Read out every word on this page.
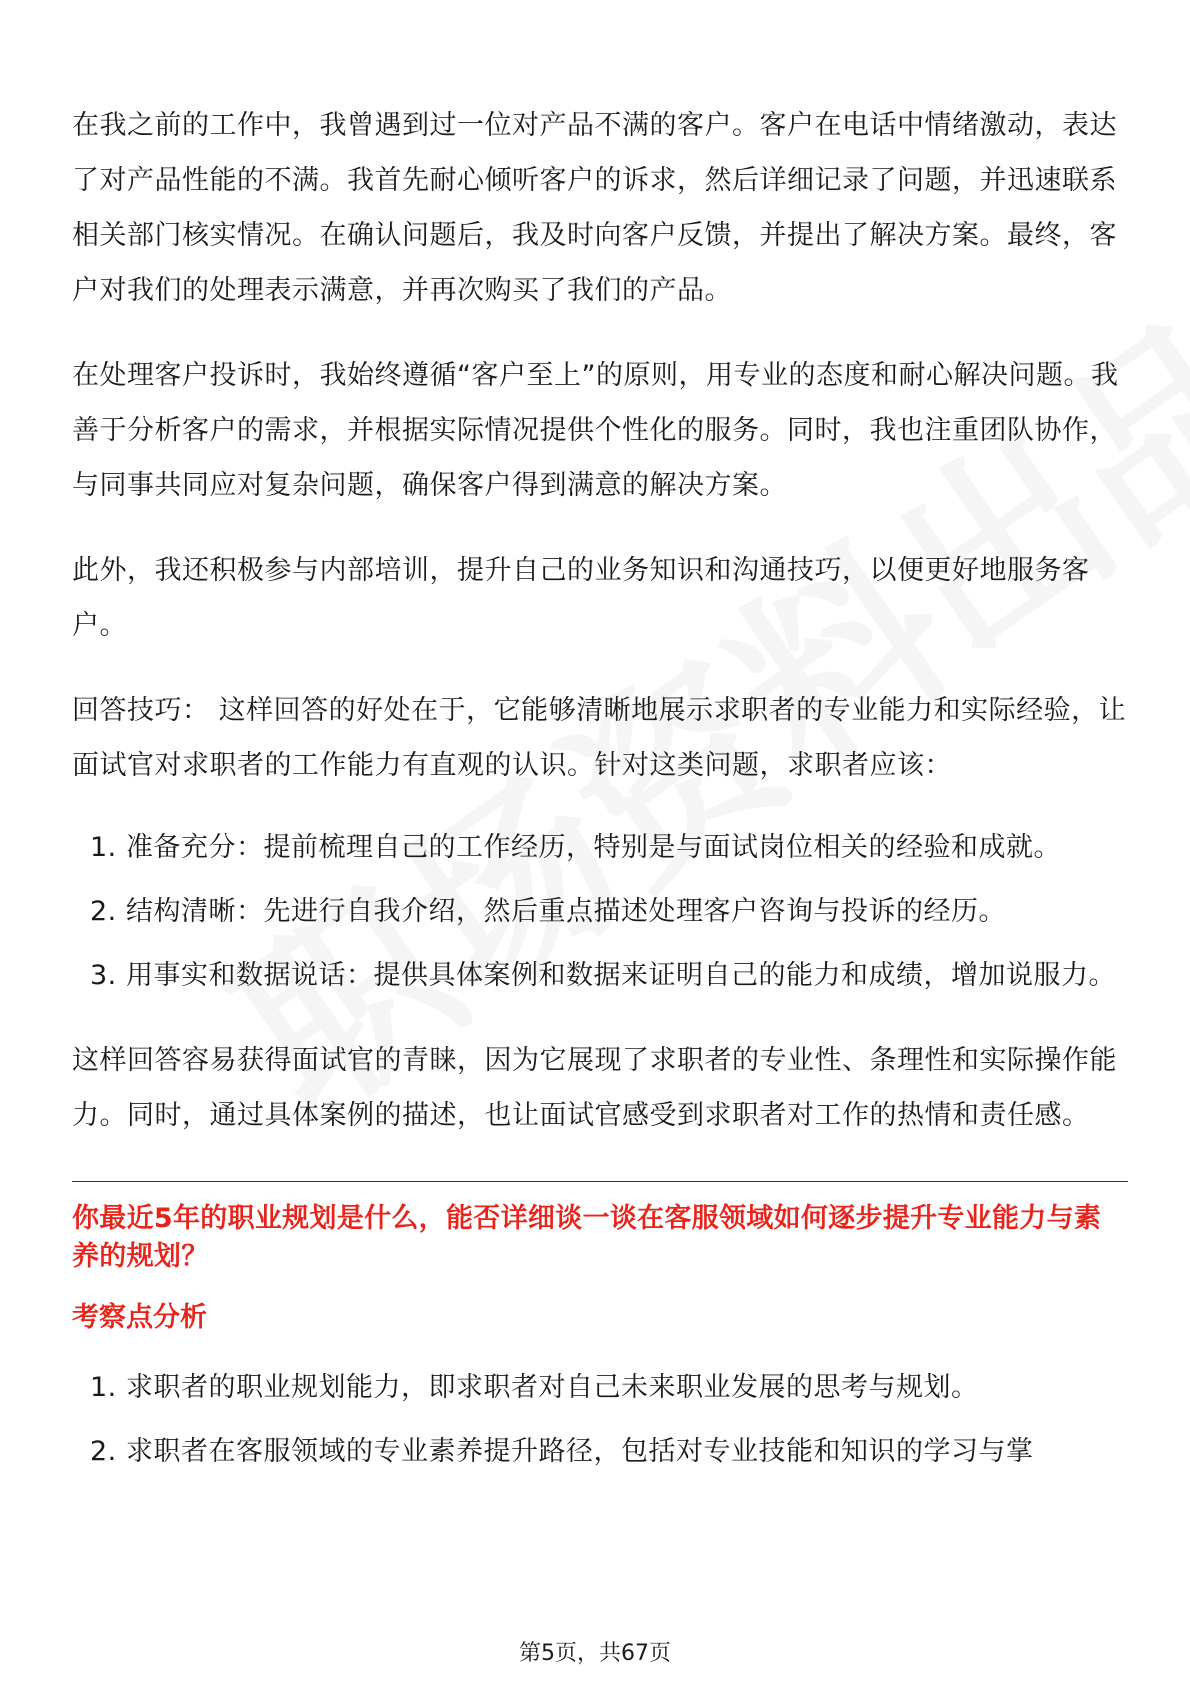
在我之前的工作中，我曾遇到过一位对产品不满的客户。客户在电话中情绪激动，表达了对产品性能的不满。我首先耐心倾听客户的诉求，然后详细记录了问题，并迅速联系相关部门核实情况。在确认问题后，我及时向客户反馈，并提出了解决方案。最终，客户对我们的处理表示满意，并再次购买了我们的产品。

在处理客户投诉时，我始终遵循“客户至上”的原则，用专业的态度和耐心解决问题。我善于分析客户的需求，并根据实际情况提供个性化的服务。同时，我也注重团队协作，与同事共同应对复杂问题，确保客户得到满意的解决方案。

此外，我还积极参与内部培训，提升自己的业务知识和沟通技巧，以便更好地服务客户。

回答技巧： 这样回答的好处在于，它能够清晰地展示求职者的专业能力和实际经验，让面试官对求职者的工作能力有直观的认识。针对这类问题，求职者应该：

1. 准备充分：提前梳理自己的工作经历，特别是与面试岗位相关的经验和成就。
2. 结构清晰：先进行自我介绍，然后重点描述处理客户咨询与投诉的经历。
3. 用事实和数据说话：提供具体案例和数据来证明自己的能力和成绩，增加说服力。

这样回答容易获得面试官的青睐，因为它展现了求职者的专业性、条理性和实际操作能力。同时，通过具体案例的描述，也让面试官感受到求职者对工作的热情和责任感。

你最近5年的职业规划是什么，能否详细谈一谈在客服领域如何逐步提升专业能力与素养的规划？
考察点分析
1. 求职者的职业规划能力，即求职者对自己未来职业发展的思考与规划。
2. 求职者在客服领域的专业素养提升路径，包括对专业技能和知识的学习与掌
第5页，共67页
